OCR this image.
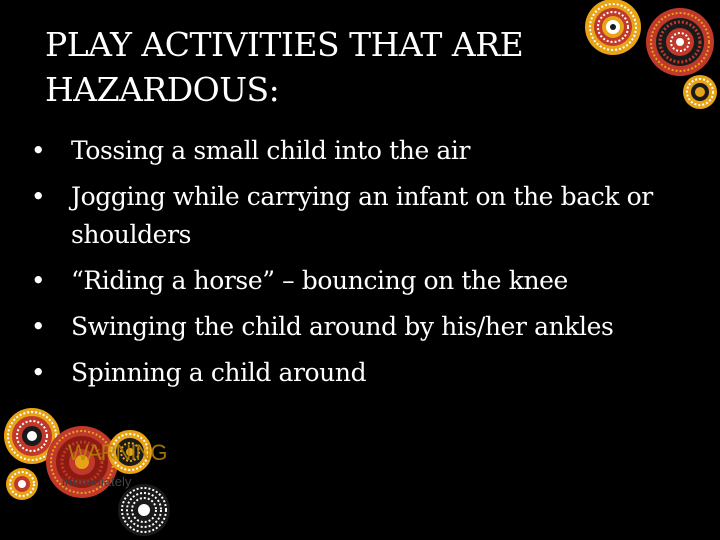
PLAY ACTIVITIES THAT ARE HAZARDOUS:
• Tossing a small child into the air
• Jogging while carrying an infant on the back or shoulders
• “Riding a horse” – bouncing on the knee
• Swinging the child around by his/her ankles
• Spinning a child around
WARNING
immediately
